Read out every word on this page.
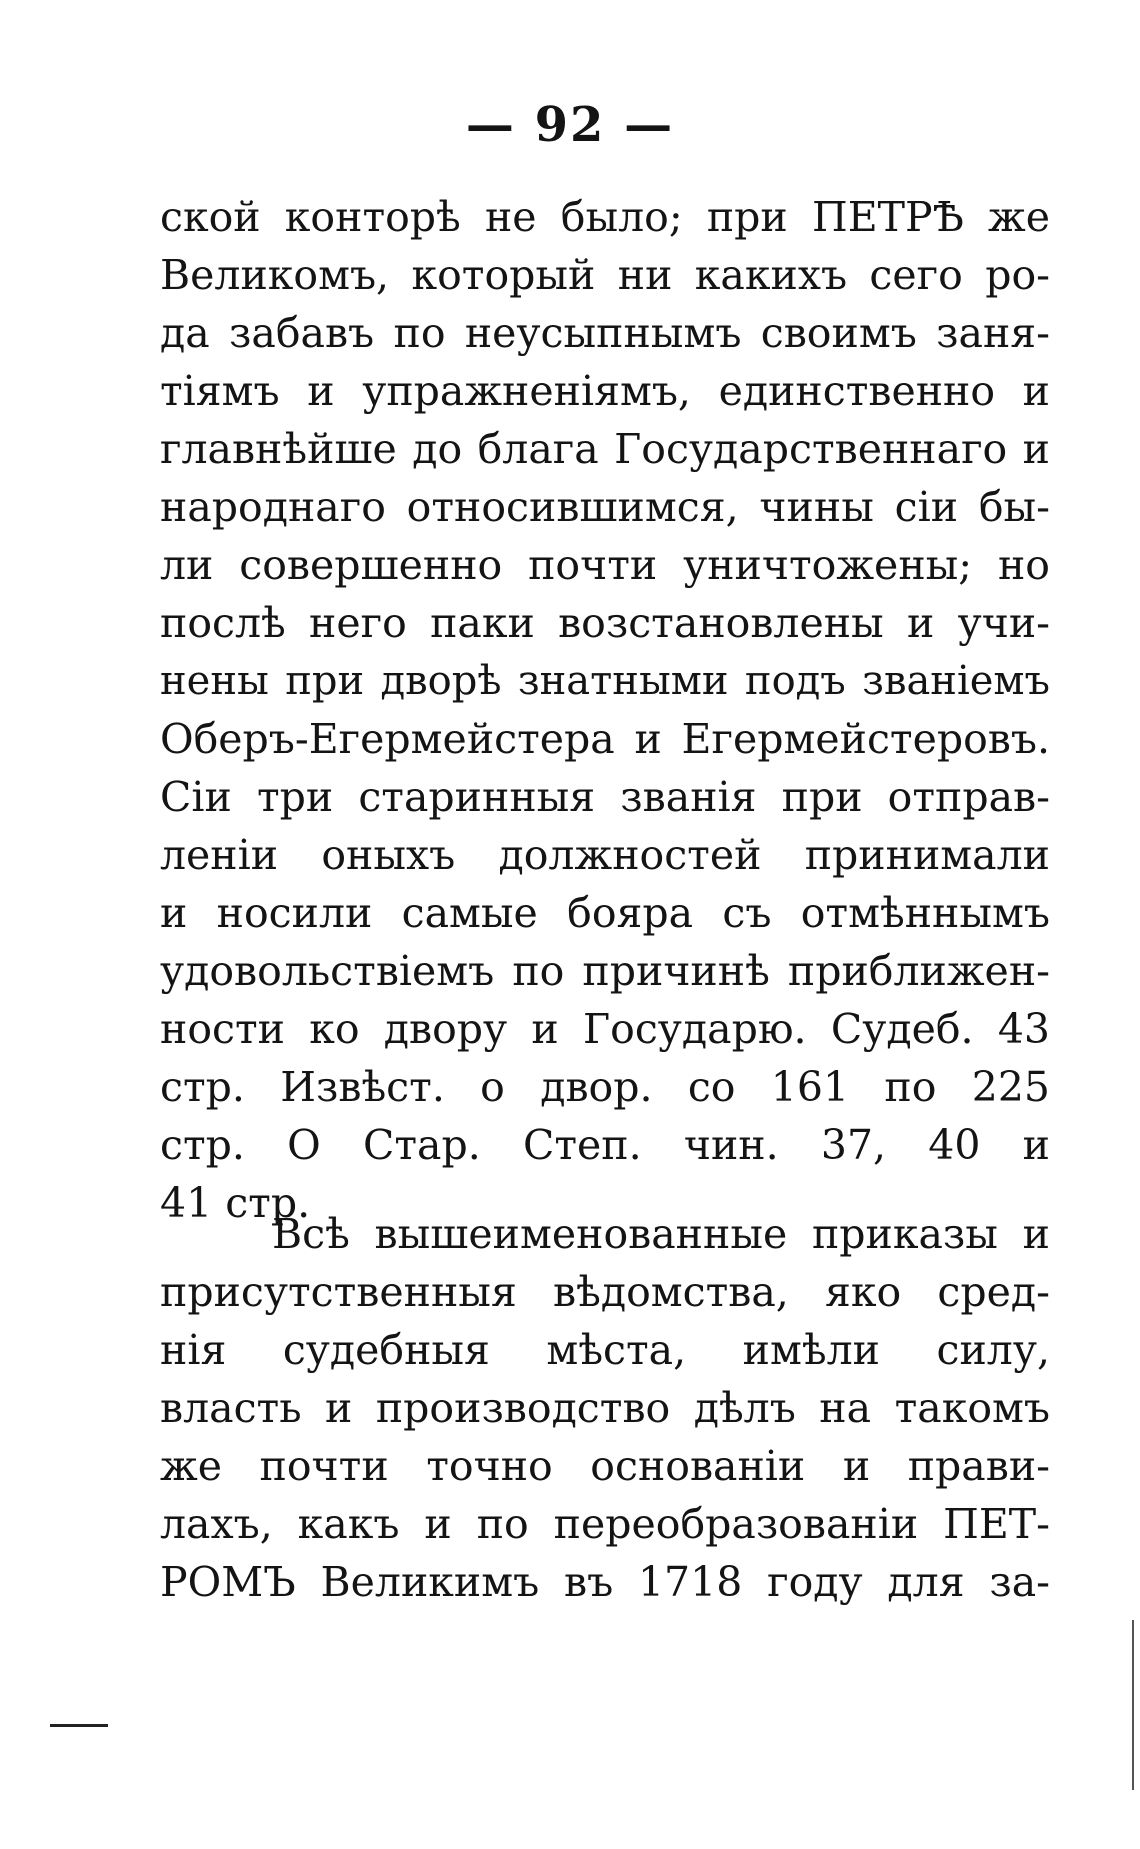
— 92 —
ской конторѣ не было; при ПЕТРѢ же
Великомъ, который ни какихъ сего ро-
да забавъ по неусыпнымъ своимъ заня-
тіямъ и упражненіямъ, единственно и
главнѣйше до блага Государственнаго и
народнаго относившимся, чины сіи бы-
ли совершенно почти уничтожены; но
послѣ него паки возстановлены и учи-
нены при дворѣ знатными подъ званіемъ
Оберъ-Егермейстера и Егермейстеровъ.
Сіи три старинныя званія при отправ-
леніи оныхъ должностей принимали
и носили самые бояра съ отмѣннымъ
удовольствіемъ по причинѣ приближен-
ности ко двору и Государю. Судеб. 43
стр. Извѣст. о двор. со 161 по 225
стр. О Стар. Степ. чин. 37, 40 и
41 стр.
Всѣ вышеименованные приказы и
присутственныя вѣдомства, яко сред-
нія судебныя мѣста, имѣли силу,
власть и производство дѣлъ на такомъ
же почти точно основаніи и прави-
лахъ, какъ и по переобразованіи ПЕТ-
РОМЪ Великимъ въ 1718 году для за-
